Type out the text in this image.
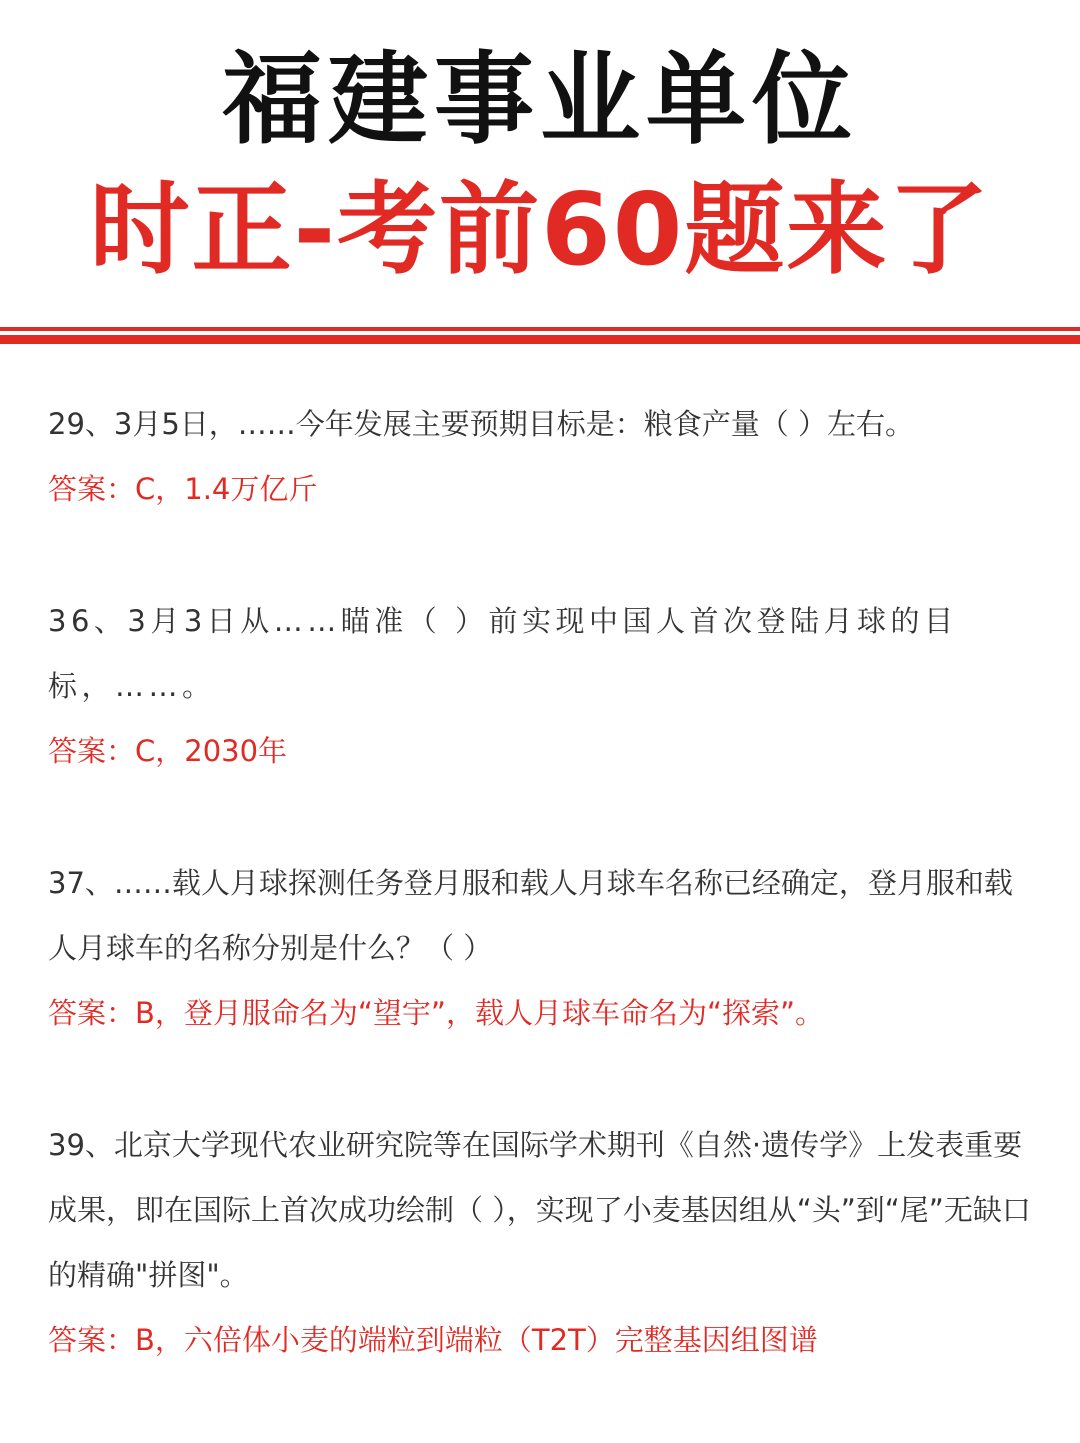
福建事业单位
时正-考前60题来了

29、3月5日，……今年发展主要预期目标是：粮食产量（ ）左右。

答案：C，1.4万亿斤

36、3月3日从……瞄准（ ）前实现中国人首次登陆月球的目标，……。

答案：C，2030年

37、……载人月球探测任务登月服和载人月球车名称已经确定，登月服和载人月球车的名称分别是什么？（ ）

答案：B，登月服命名为“望宇”，载人月球车命名为“探索”。

39、北京大学现代农业研究院等在国际学术期刊《自然·遗传学》上发表重要成果，即在国际上首次成功绘制（ ），实现了小麦基因组从“头”到“尾”无缺口的精确"拼图"。

答案：B，六倍体小麦的端粒到端粒（T2T）完整基因组图谱
